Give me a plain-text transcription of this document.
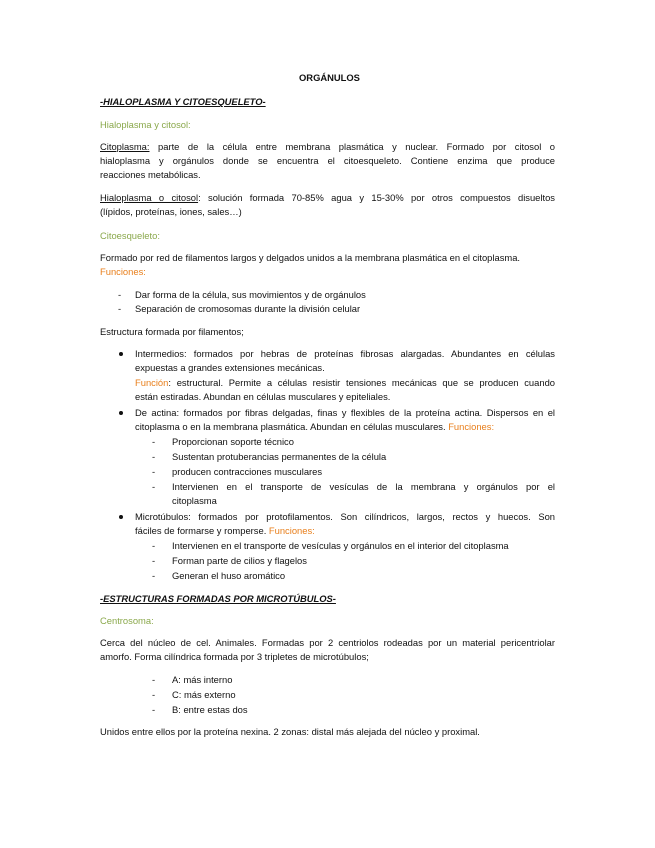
ORGÁNULOS
-HIALOPLASMA Y CITOESQUELETO-
Hialoplasma y citosol:
Citoplasma: parte de la célula entre membrana plasmática y nuclear. Formado por citosol o
hialoplasma y orgánulos donde se encuentra el citoesqueleto. Contiene enzima que produce
reacciones metabólicas.
Hialoplasma o citosol: solución formada 70-85% agua y 15-30% por otros compuestos disueltos
(lípidos, proteínas, iones, sales…)
Citoesqueleto:
Formado por red de filamentos largos y delgados unidos a la membrana plasmática en el citoplasma.
Funciones:
- Dar forma de la célula, sus movimientos y de orgánulos
- Separación de cromosomas durante la división celular
Estructura formada por filamentos;
Intermedios: formados por hebras de proteínas fibrosas alargadas. Abundantes en células
expuestas a grandes extensiones mecánicas.
Función: estructural. Permite a células resistir tensiones mecánicas que se producen cuando
están estiradas. Abundan en células musculares y epiteliales.
De actina: formados por fibras delgadas, finas y flexibles de la proteína actina. Dispersos en el
citoplasma o en la membrana plasmática. Abundan en células musculares. Funciones:
- Proporcionan soporte técnico
- Sustentan protuberancias permanentes de la célula
- producen contracciones musculares
- Intervienen en el transporte de vesículas de la membrana y orgánulos por el
citoplasma
Microtúbulos: formados por protofilamentos. Son cilíndricos, largos, rectos y huecos. Son
fáciles de formarse y romperse. Funciones:
- Intervienen en el transporte de vesículas y orgánulos en el interior del citoplasma
- Forman parte de cilios y flagelos
- Generan el huso aromático
-ESTRUCTURAS FORMADAS POR MICROTÚBULOS-
Centrosoma:
Cerca del núcleo de cel. Animales. Formadas por 2 centriolos rodeadas por un material pericentriolar
amorfo. Forma cilíndrica formada por 3 tripletes de microtúbulos;
- A: más interno
- C: más externo
- B: entre estas dos
Unidos entre ellos por la proteína nexina. 2 zonas: distal más alejada del núcleo y proximal.
